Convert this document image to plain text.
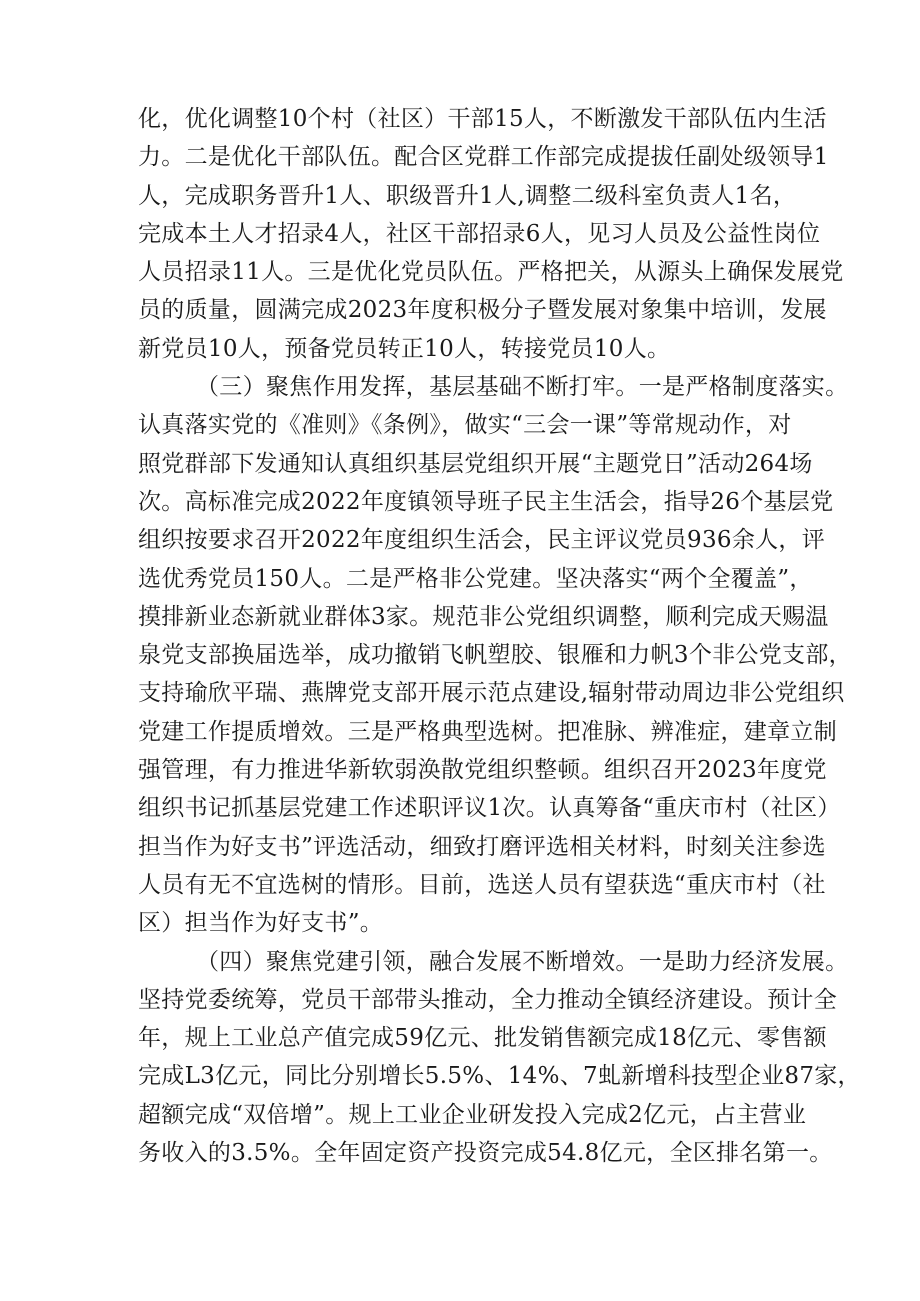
化，优化调整10个村（社区）干部15人，不断激发干部队伍内生活
力。二是优化干部队伍。配合区党群工作部完成提拔任副处级领导1
人，完成职务晋升1人、职级晋升1人,调整二级科室负责人1名，
完成本土人才招录4人，社区干部招录6人，见习人员及公益性岗位
人员招录11人。三是优化党员队伍。严格把关，从源头上确保发展党
员的质量，圆满完成2023年度积极分子暨发展对象集中培训，发展
新党员10人，预备党员转正10人，转接党员10人。
（三）聚焦作用发挥，基层基础不断打牢。一是严格制度落实。
认真落实党的《准则》《条例》，做实“三会一课”等常规动作，对
照党群部下发通知认真组织基层党组织开展“主题党日”活动264场
次。高标准完成2022年度镇领导班子民主生活会，指导26个基层党
组织按要求召开2022年度组织生活会，民主评议党员936余人，评
选优秀党员150人。二是严格非公党建。坚决落实“两个全覆盖”，
摸排新业态新就业群体3家。规范非公党组织调整，顺利完成天赐温
泉党支部换届选举，成功撤销飞帆塑胶、银雁和力帆3个非公党支部，
支持瑜欣平瑞、燕牌党支部开展示范点建设,辐射带动周边非公党组织
党建工作提质增效。三是严格典型选树。把准脉、辨准症，建章立制
强管理，有力推进华新软弱涣散党组织整顿。组织召开2023年度党
组织书记抓基层党建工作述职评议1次。认真筹备“重庆市村（社区）
担当作为好支书”评选活动，细致打磨评选相关材料，时刻关注参选
人员有无不宜选树的情形。目前，选送人员有望获选“重庆市村（社
区）担当作为好支书”。
（四）聚焦党建引领，融合发展不断增效。一是助力经济发展。
坚持党委统筹，党员干部带头推动，全力推动全镇经济建设。预计全
年，规上工业总产值完成59亿元、批发销售额完成18亿元、零售额
完成L3亿元，同比分别增长5.5%、14%、7虬新增科技型企业87家，
超额完成“双倍增”。规上工业企业研发投入完成2亿元，占主营业
务收入的3.5%。全年固定资产投资完成54.8亿元，全区排名第一。
